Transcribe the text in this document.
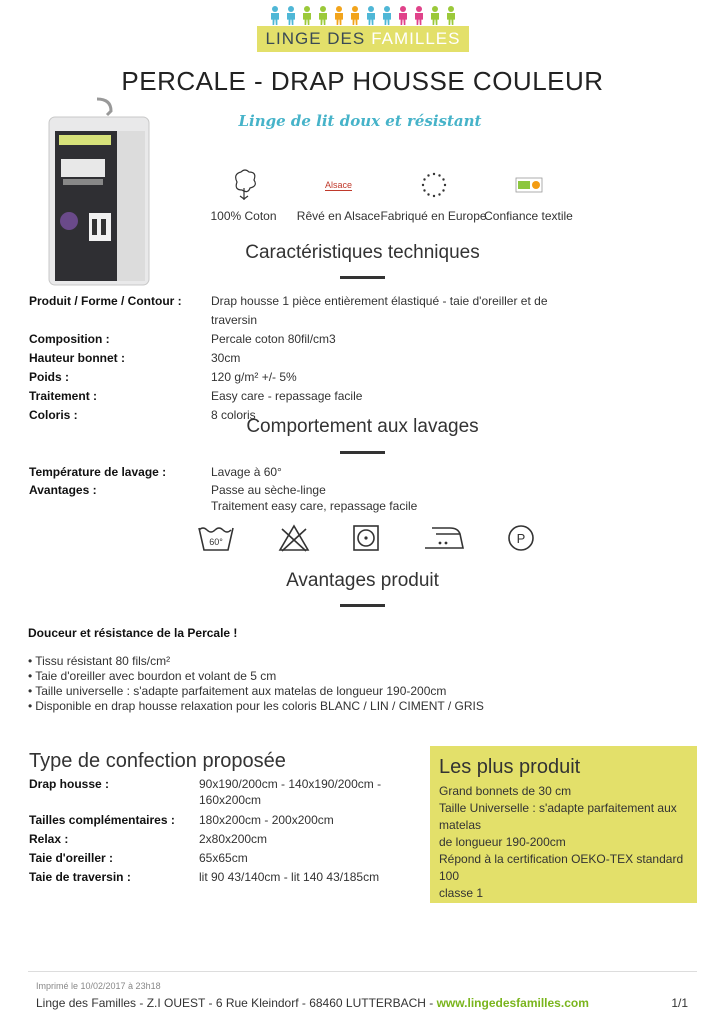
LINGE DES FAMILLES
PERCALE - DRAP HOUSSE COULEUR
Linge de lit doux et résistant
100% Coton
Alsace
Rêvé en Alsace Fabriqué en Europe
Confiance textile
Caractéristiques techniques
Produit / Forme / Contour :	Drap housse 1 pièce entièrement élastiqué - taie d'oreiller et de traversin
Composition :	Percale coton 80fil/cm3
Hauteur bonnet :	30cm
Poids :	120 g/m² +/- 5%
Traitement :	Easy care - repassage facile
Coloris :	8 coloris
Comportement aux lavages
Température de lavage :	Lavage à 60°
Avantages :	Passe au sèche-linge
Traitement easy care, repassage facile
60°	P
Avantages produit
Douceur et résistance de la Percale !
• Tissu résistant 80 fils/cm²
• Taie d'oreiller avec bourdon et volant de 5 cm
• Taille universelle : s'adapte parfaitement aux matelas de longueur 190-200cm
• Disponible en drap housse relaxation pour les coloris BLANC / LIN / CIMENT / GRIS
Type de confection proposée
Drap housse :	90x190/200cm - 140x190/200cm -
160x200cm
Tailles complémentaires :	180x200cm - 200x200cm
Relax :	2x80x200cm
Taie d'oreiller :	65x65cm
Taie de traversin :	lit 90 43/140cm - lit 140 43/185cm
Les plus produit
Grand bonnets de 30 cm
Taille Universelle : s'adapte parfaitement aux matelas
de longueur 190-200cm
Répond à la certification OEKO-TEX standard 100
classe 1
Imprimé le 10/02/2017 à 23h18
Linge des Familles - Z.I OUEST - 6 Rue Kleindorf - 68460 LUTTERBACH - www.lingedesfamilles.com	1/1
